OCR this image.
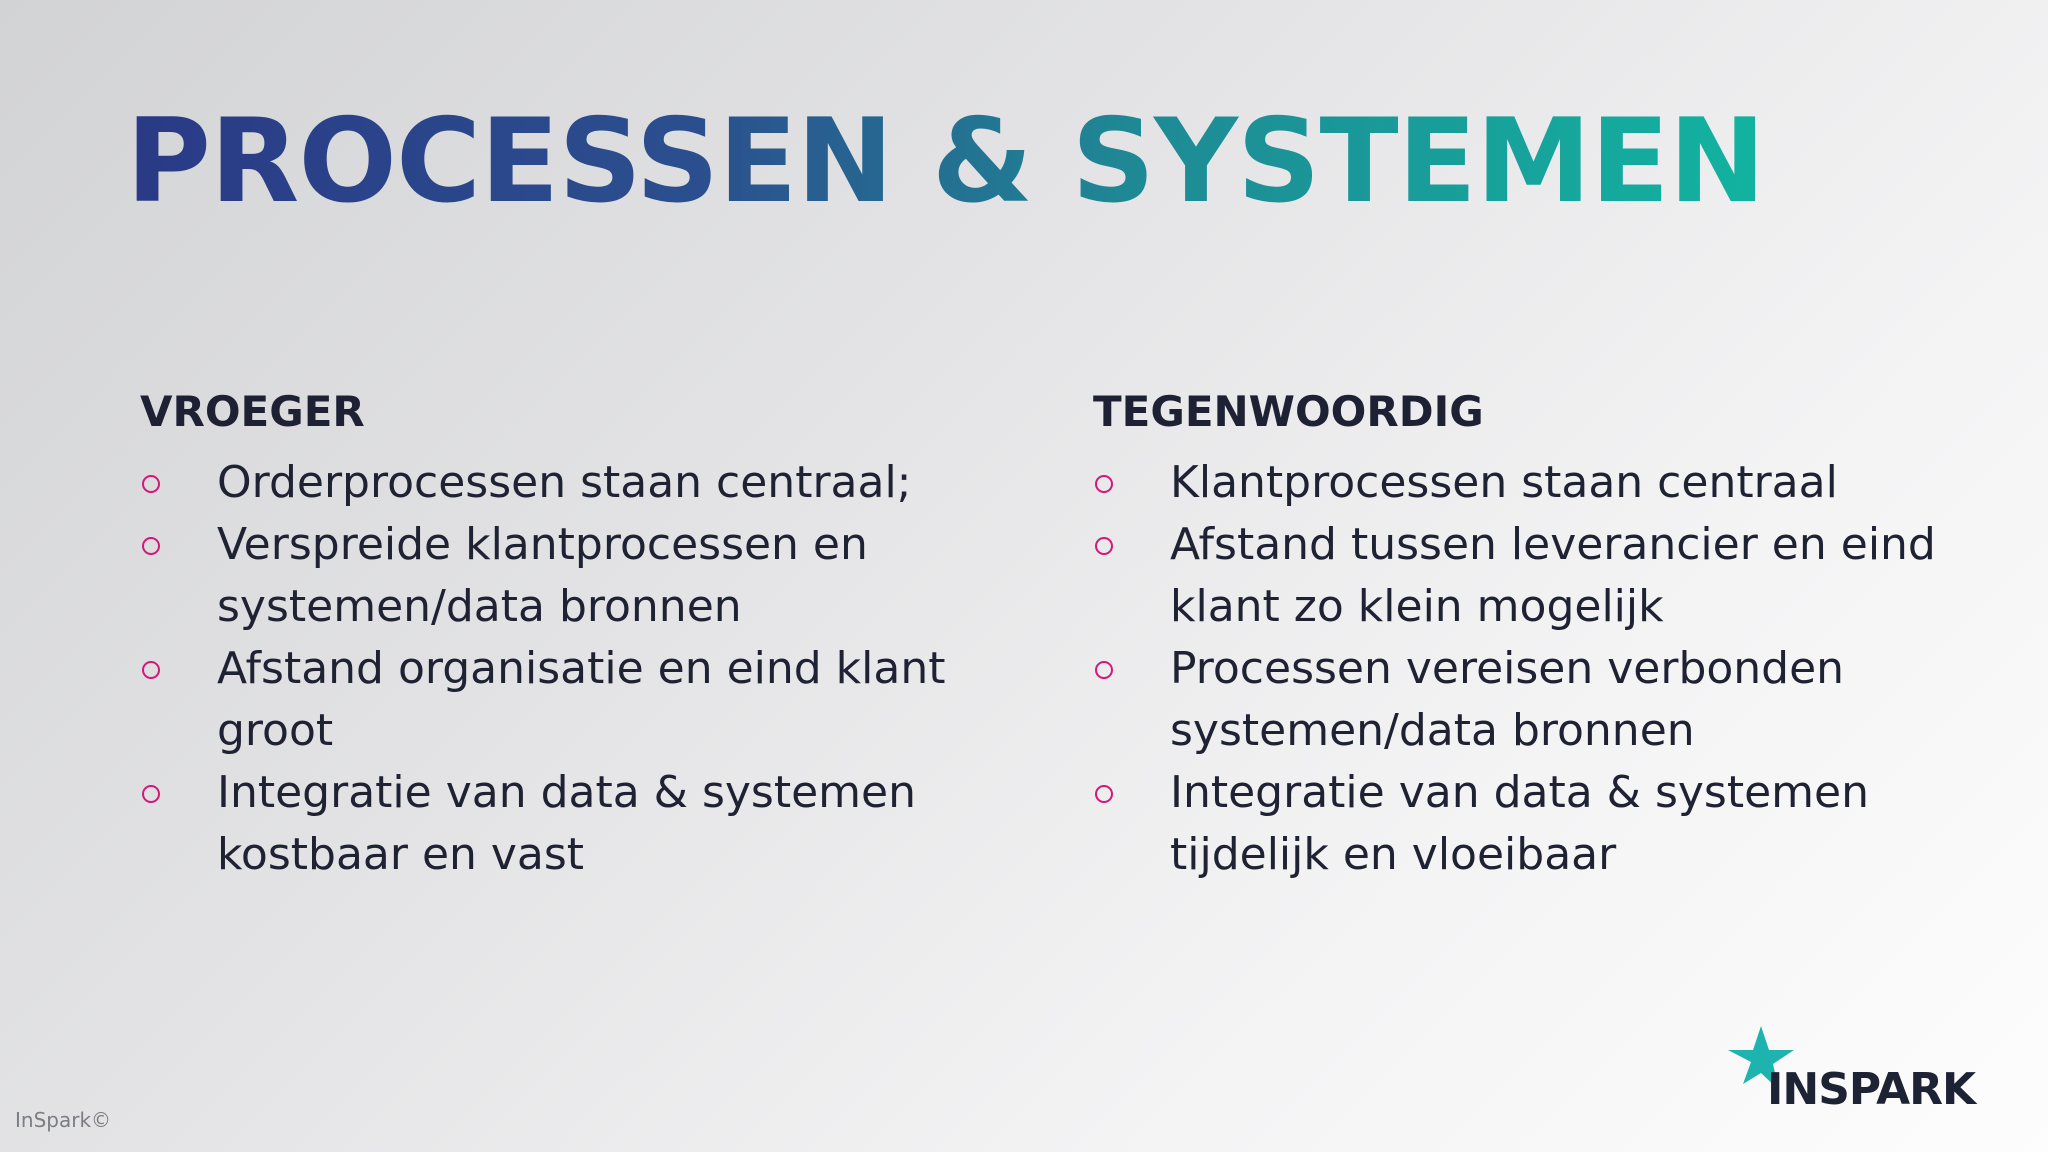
PROCESSEN & SYSTEMEN
VROEGER
Orderprocessen staan centraal;
Verspreide klantprocessen en
systemen/data bronnen
Afstand organisatie en eind klant
groot
Integratie van data & systemen
kostbaar en vast
TEGENWOORDIG
Klantprocessen staan centraal
Afstand tussen leverancier en eind
klant zo klein mogelijk
Processen vereisen verbonden
systemen/data bronnen
Integratie van data & systemen
tijdelijk en vloeibaar
InSpark©
INSPARK
